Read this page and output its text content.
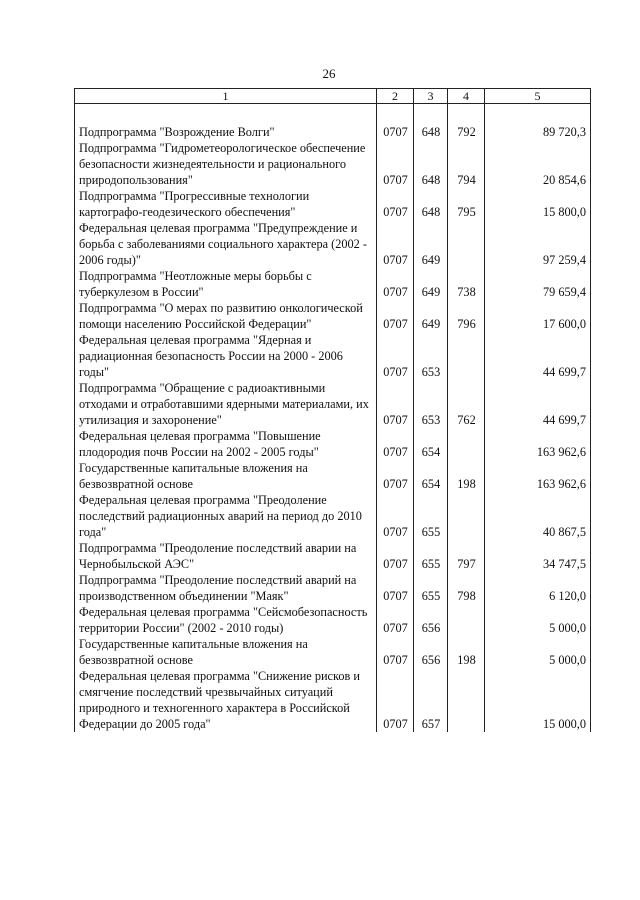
26
1	2	3	4	5

Подпрограмма "Возрождение Волги"	0707	648	792	89 720,3
Подпрограмма "Гидрометеорологическое обеспечение безопасности жизнедеятельности и рационального природопользования"	0707	648	794	20 854,6
Подпрограмма "Прогрессивные технологии картографо-геодезического обеспечения"	0707	648	795	15 800,0
Федеральная целевая программа "Предупреждение и борьба с заболеваниями социального характера (2002 - 2006 годы)"	0707	649		97 259,4
Подпрограмма "Неотложные меры борьбы с туберкулезом в России"	0707	649	738	79 659,4
Подпрограмма "О мерах по развитию онкологической помощи населению Российской Федерации"	0707	649	796	17 600,0
Федеральная целевая программа "Ядерная и радиационная безопасность России на 2000 - 2006 годы"	0707	653		44 699,7
Подпрограмма "Обращение с радиоактивными отходами и отработавшими ядерными материалами, их утилизация и захоронение"	0707	653	762	44 699,7
Федеральная целевая программа "Повышение плодородия почв России на 2002 - 2005 годы"	0707	654		163 962,6
Государственные капитальные вложения на безвозвратной основе	0707	654	198	163 962,6
Федеральная целевая программа "Преодоление последствий радиационных аварий на период до 2010 года"	0707	655		40 867,5
Подпрограмма "Преодоление последствий аварии на Чернобыльской АЭС"	0707	655	797	34 747,5
Подпрограмма "Преодоление последствий аварий на производственном объединении "Маяк"	0707	655	798	6 120,0
Федеральная целевая программа "Сейсмобезопасность территории России" (2002 - 2010 годы)	0707	656		5 000,0
Государственные капитальные вложения на безвозвратной основе	0707	656	198	5 000,0
Федеральная целевая программа "Снижение рисков и смягчение последствий чрезвычайных ситуаций природного и техногенного характера в Российской Федерации до 2005 года"	0707	657		15 000,0
